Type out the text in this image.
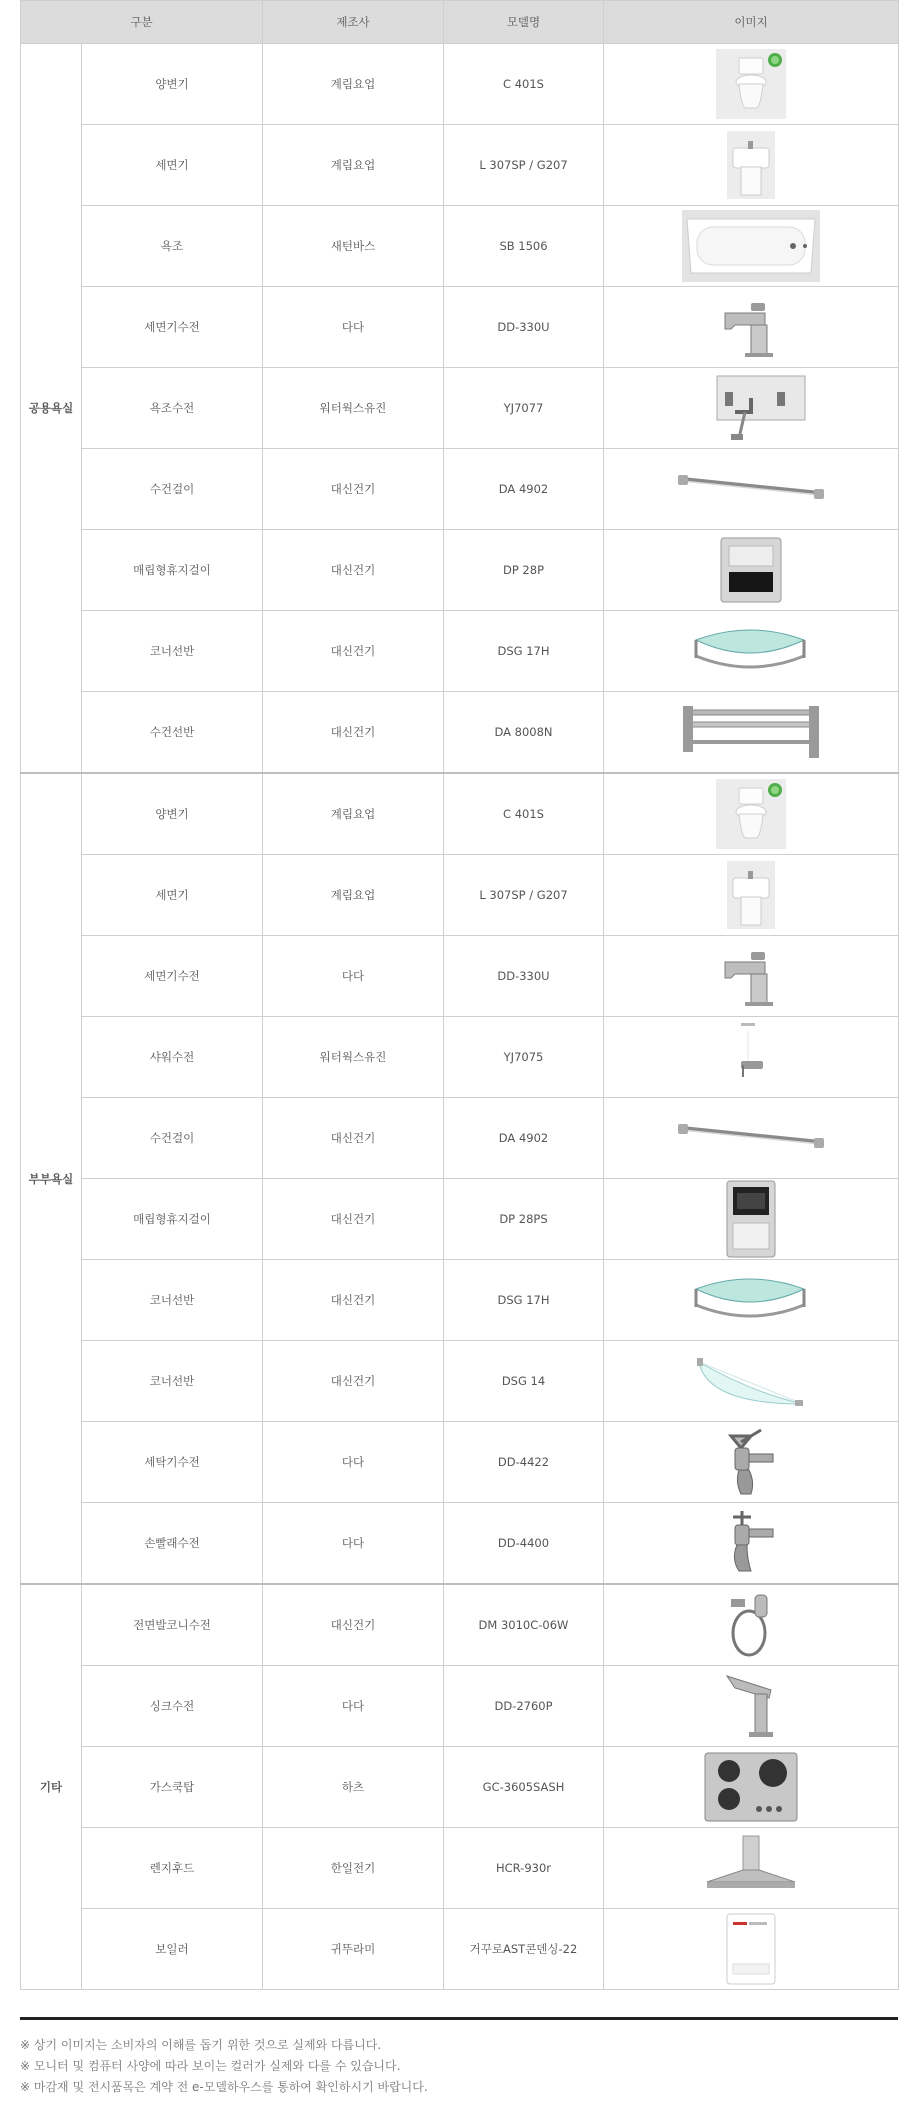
구분		제조사	모델명	이미지
공용욕실	양변기	계림요업	C 401S	

	세면기	계림요업	L 307SP / G207	

	욕조	새턴바스	SB 1506	

	세면기수전	다다	DD-330U	

	욕조수전	워터웍스유진	YJ7077	

	수건걸이	대신건기	DA 4902	

	매립형휴지걸이	대신건기	DP 28P	

	코너선반	대신건기	DSG 17H	

	수건선반	대신건기	DA 8008N	

부부욕실	양변기	계림요업	C 401S	

	세면기	계림요업	L 307SP / G207	

	세면기수전	다다	DD-330U	

	샤워수전	워터웍스유진	YJ7075	

	수건걸이	대신건기	DA 4902	

	매립형휴지걸이	대신건기	DP 28PS	

	코너선반	대신건기	DSG 17H	

	코너선반	대신건기	DSG 14	

	세탁기수전	다다	DD-4422	

	손빨래수전	다다	DD-4400	

기타	전면발코니수전	대신건기	DM 3010C-06W	

	싱크수전	다다	DD-2760P	

	가스쿡탑	하츠	GC-3605SASH	

	렌지후드	한일전기	HCR-930r	

	보일러	귀뚜라미	거꾸로AST콘덴싱-22	

※ 상기 이미지는 소비자의 이해를 돕기 위한 것으로 실제와 다릅니다.

※ 모니터 및 컴퓨터 사양에 따라 보이는 컬러가 실제와 다를 수 있습니다.

※ 마감재 및 전시품목은 계약 전 e-모델하우스를 통하여 확인하시기 바랍니다.
